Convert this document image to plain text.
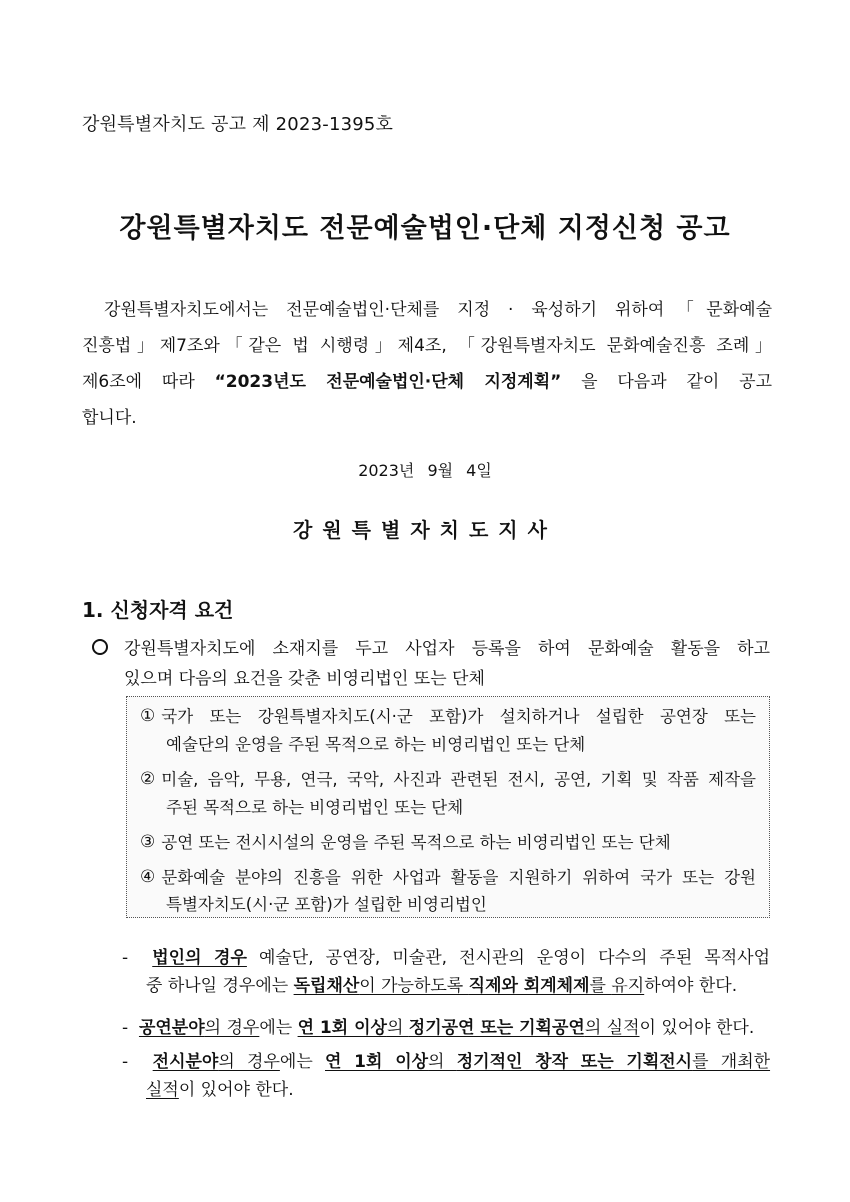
강원특별자치도 공고 제 2023-1395호
강원특별자치도 전문예술법인·단체 지정신청 공고
강원특별자치도에서는 전문예술법인·단체를 지정 · 육성하기 위하여「문화예술
진흥법」제7조와「같은 법 시행령」제4조, 「강원특별자치도 문화예술진흥 조례」
제6조에 따라 “2023년도 전문예술법인·단체 지정계획” 을 다음과 같이 공고
합니다.
2023년 9월 4일
강원특별자치도지사
1. 신청자격 요건
강원특별자치도에 소재지를 두고 사업자 등록을 하여 문화예술 활동을 하고
있으며 다음의 요건을 갖춘 비영리법인 또는 단체
① 국가 또는 강원특별자치도(시·군 포함)가 설치하거나 설립한 공연장 또는
예술단의 운영을 주된 목적으로 하는 비영리법인 또는 단체
② 미술, 음악, 무용, 연극, 국악, 사진과 관련된 전시, 공연, 기획 및 작품 제작을
주된 목적으로 하는 비영리법인 또는 단체
③ 공연 또는 전시시설의 운영을 주된 목적으로 하는 비영리법인 또는 단체
④ 문화예술 분야의 진흥을 위한 사업과 활동을 지원하기 위하여 국가 또는 강원
특별자치도(시·군 포함)가 설립한 비영리법인
- 법인의 경우 예술단, 공연장, 미술관, 전시관의 운영이 다수의 주된 목적사업
중 하나일 경우에는 독립채산이 가능하도록 직제와 회계체제를 유지하여야 한다.
- 공연분야의 경우에는 연 1회 이상의 정기공연 또는 기획공연의 실적이 있어야 한다.
- 전시분야의 경우에는 연 1회 이상의 정기적인 창작 또는 기획전시를 개최한
실적이 있어야 한다.
